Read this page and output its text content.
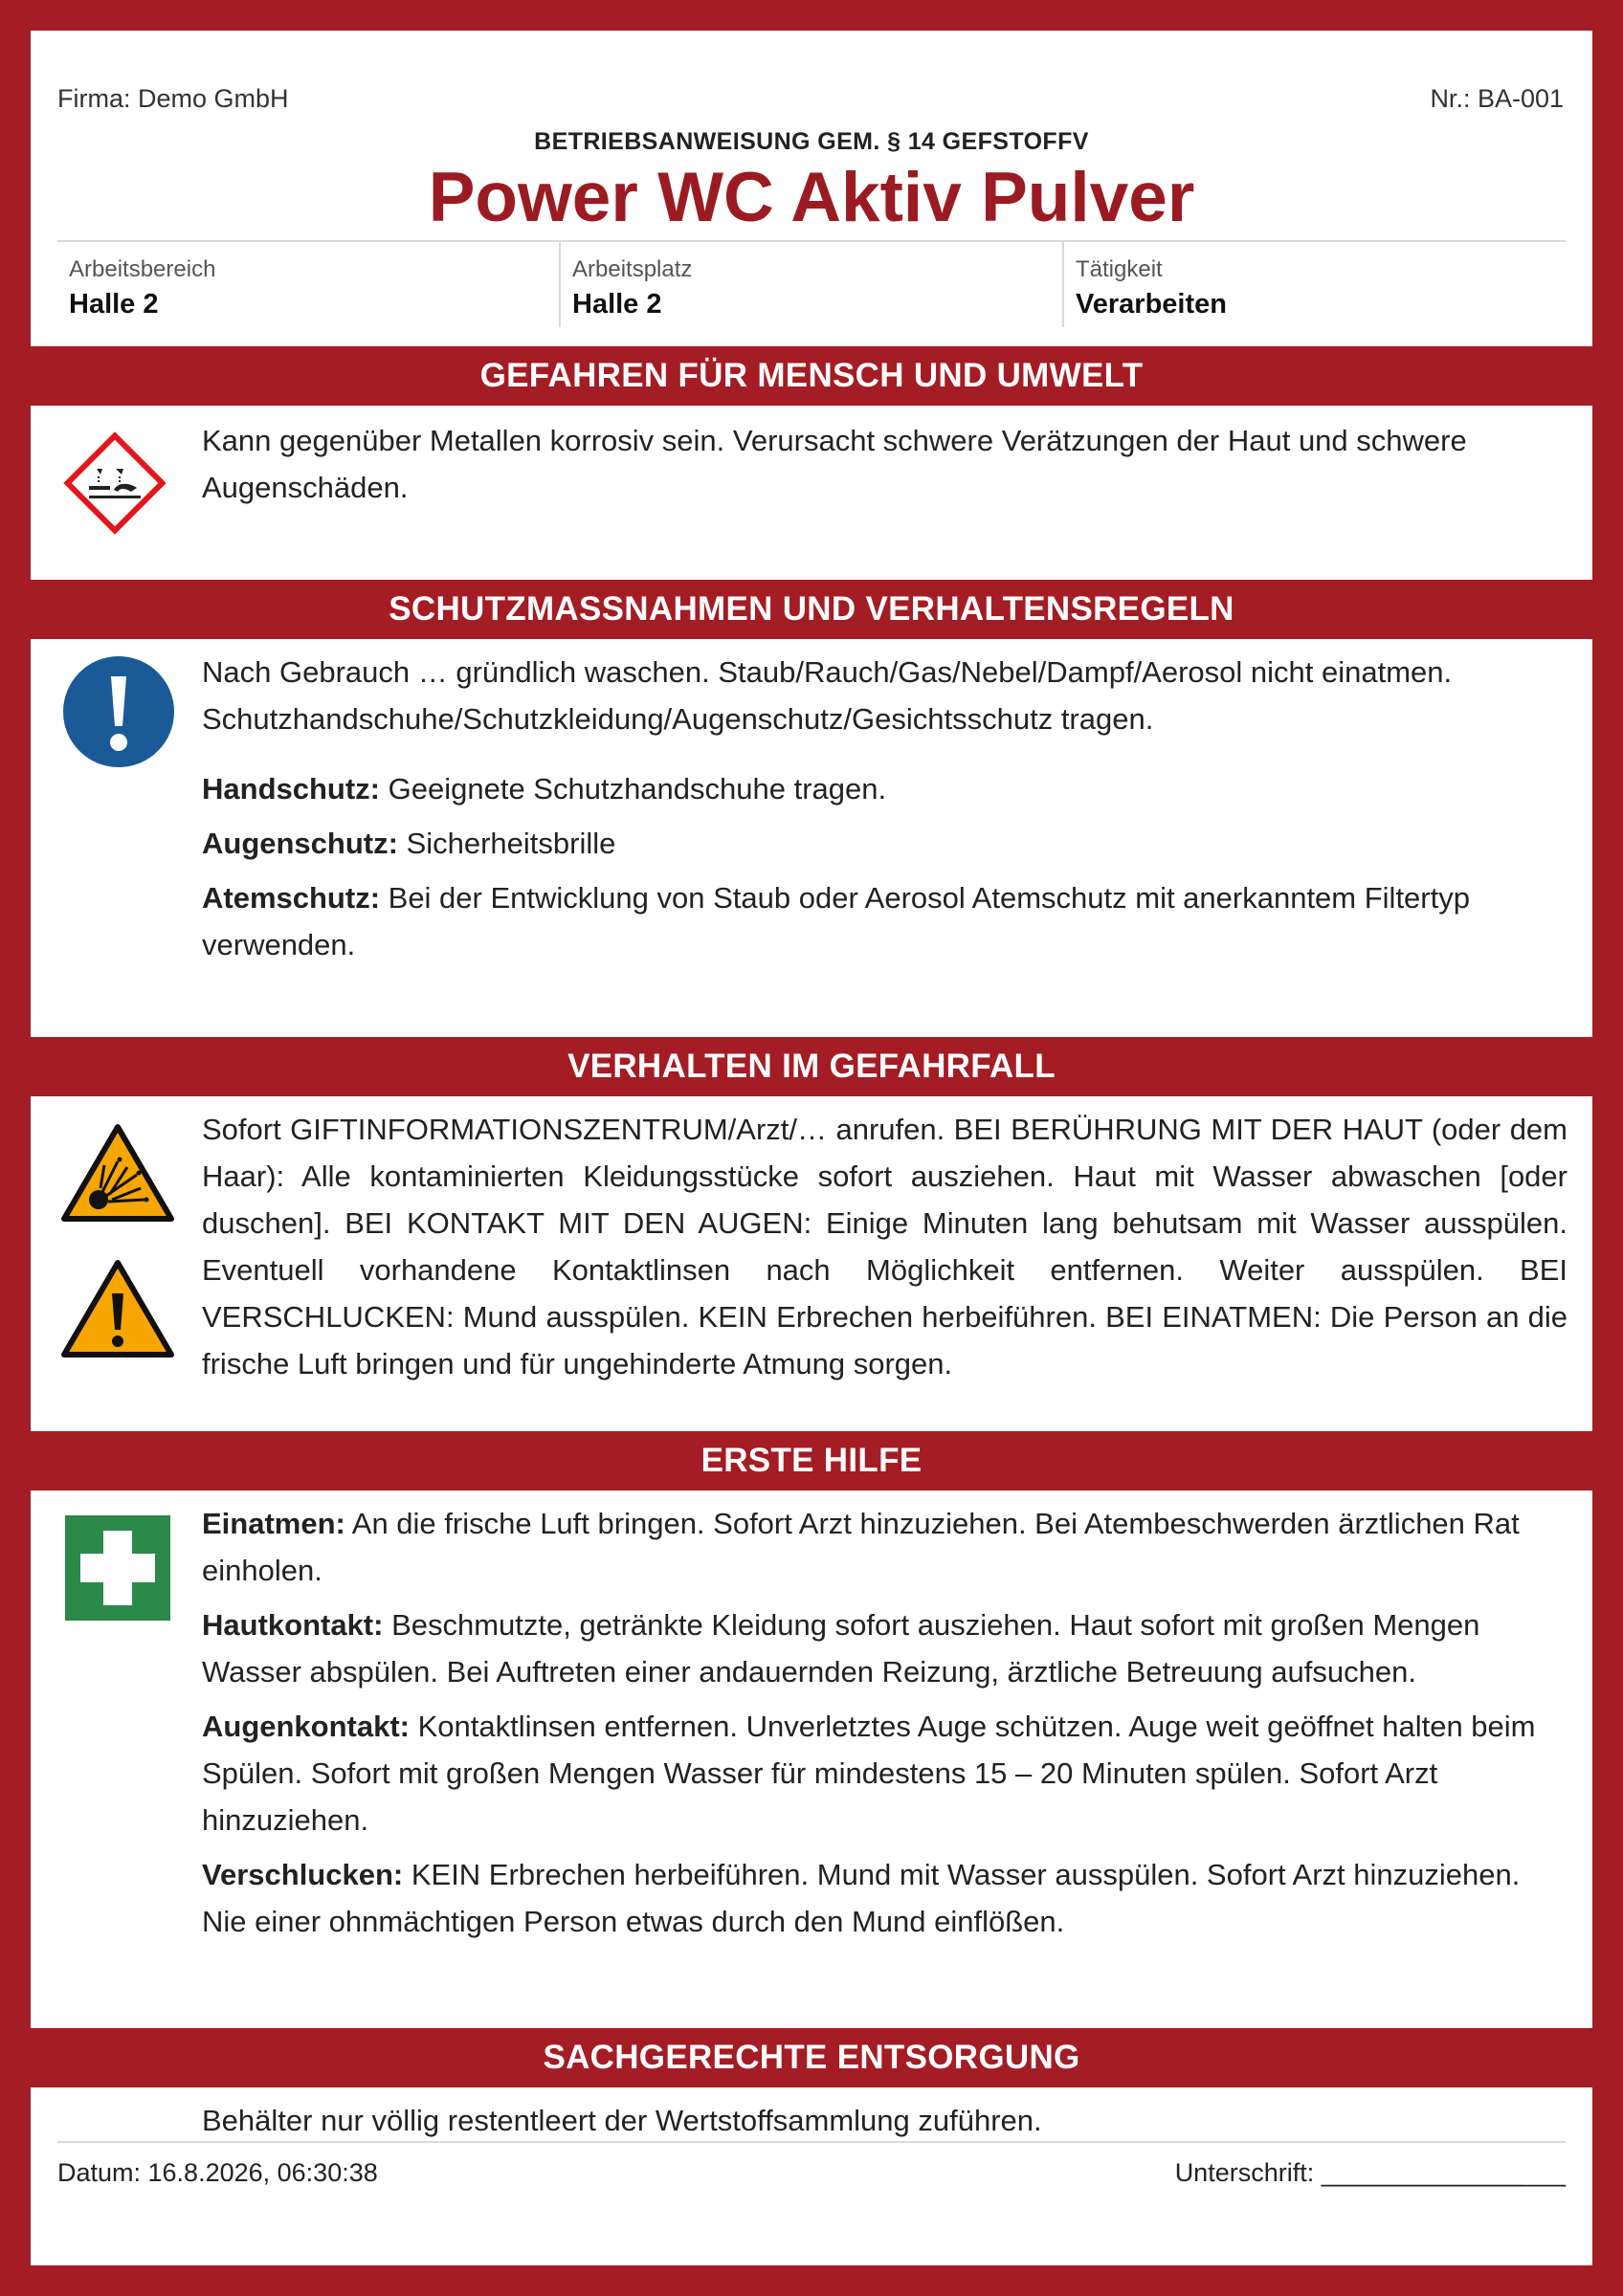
Firma: Demo GmbH	Nr.: BA-001
BETRIEBSANWEISUNG GEM. § 14 GEFSTOFFV
Power WC Aktiv Pulver
Arbeitsbereich
Halle 2
Arbeitsplatz
Halle 2
Tätigkeit
Verarbeiten
GEFAHREN FÜR MENSCH UND UMWELT
Kann gegenüber Metallen korrosiv sein. Verursacht schwere Verätzungen der Haut und schwere Augenschäden.
SCHUTZMASSNAHMEN UND VERHALTENSREGELN
Nach Gebrauch … gründlich waschen. Staub/Rauch/Gas/Nebel/Dampf/Aerosol nicht einatmen. Schutzhandschuhe/Schutzkleidung/Augenschutz/Gesichtsschutz tragen.
Handschutz: Geeignete Schutzhandschuhe tragen.
Augenschutz: Sicherheitsbrille
Atemschutz: Bei der Entwicklung von Staub oder Aerosol Atemschutz mit anerkanntem Filtertyp verwenden.
VERHALTEN IM GEFAHRFALL
Sofort GIFTINFORMATIONSZENTRUM/Arzt/… anrufen. BEI BERÜHRUNG MIT DER HAUT (oder dem Haar): Alle kontaminierten Kleidungsstücke sofort ausziehen. Haut mit Wasser abwaschen [oder duschen]. BEI KONTAKT MIT DEN AUGEN: Einige Minuten lang behutsam mit Wasser ausspülen. Eventuell vorhandene Kontaktlinsen nach Möglichkeit entfernen. Weiter ausspülen. BEI VERSCHLUCKEN: Mund ausspülen. KEIN Erbrechen herbeiführen. BEI EINATMEN: Die Person an die frische Luft bringen und für ungehinderte Atmung sorgen.
ERSTE HILFE
Einatmen: An die frische Luft bringen. Sofort Arzt hinzuziehen. Bei Atembeschwerden ärztlichen Rat einholen.
Hautkontakt: Beschmutzte, getränkte Kleidung sofort ausziehen. Haut sofort mit großen Mengen Wasser abspülen. Bei Auftreten einer andauernden Reizung, ärztliche Betreuung aufsuchen.
Augenkontakt: Kontaktlinsen entfernen. Unverletztes Auge schützen. Auge weit geöffnet halten beim Spülen. Sofort mit großen Mengen Wasser für mindestens 15 – 20 Minuten spülen. Sofort Arzt hinzuziehen.
Verschlucken: KEIN Erbrechen herbeiführen. Mund mit Wasser ausspülen. Sofort Arzt hinzuziehen. Nie einer ohnmächtigen Person etwas durch den Mund einflößen.
SACHGERECHTE ENTSORGUNG
Behälter nur völlig restentleert der Wertstoffsammlung zuführen.
Datum: 16.8.2026, 06:30:38	Unterschrift: _________________
Erstellt in SDS Engine · Version 4 · veröffentlicht 16.8.2026, 06:30:38
